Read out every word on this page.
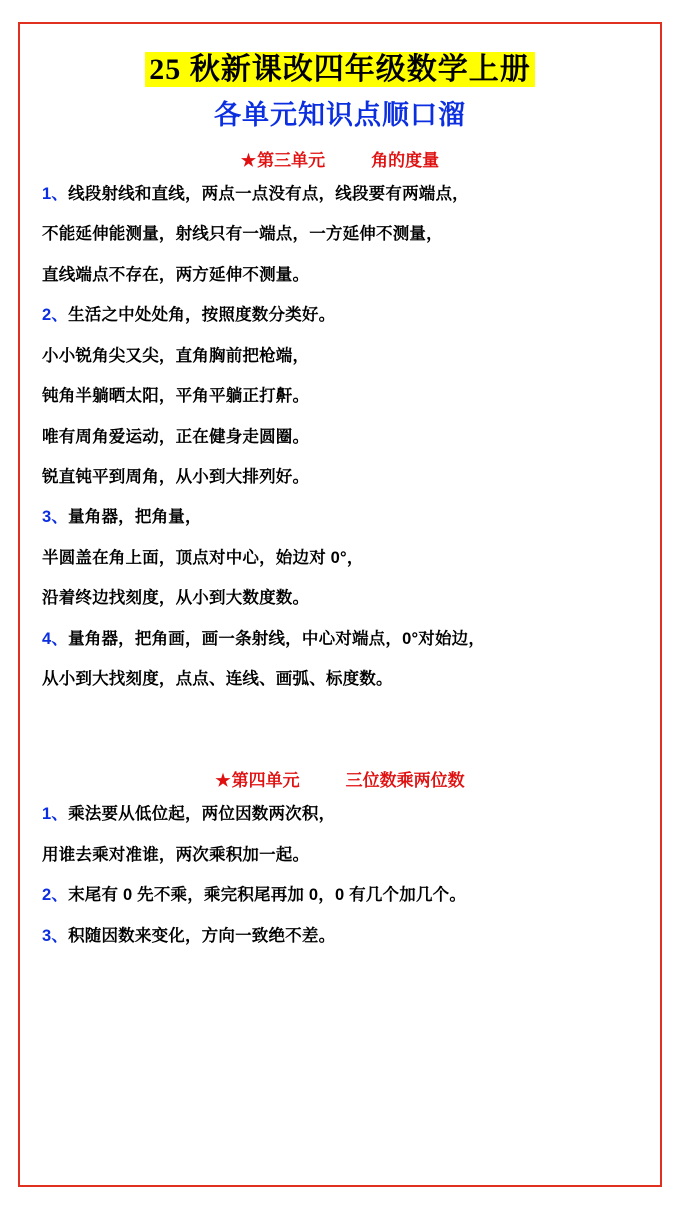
25 秋新课改四年级数学上册
各单元知识点顺口溜
★第三单元	角的度量

1、线段射线和直线，两点一点没有点，线段要有两端点，

不能延伸能测量，射线只有一端点，一方延伸不测量，

直线端点不存在，两方延伸不测量。

2、生活之中处处角，按照度数分类好。

小小锐角尖又尖，直角胸前把枪端，

钝角半躺晒太阳，平角平躺正打鼾。

唯有周角爱运动，正在健身走圆圈。

锐直钝平到周角，从小到大排列好。

3、量角器，把角量，

半圆盖在角上面，顶点对中心，始边对 0°，

沿着终边找刻度，从小到大数度数。

4、量角器，把角画，画一条射线，中心对端点，0°对始边，

从小到大找刻度，点点、连线、画弧、标度数。

★第四单元	三位数乘两位数

1、乘法要从低位起，两位因数两次积，

用谁去乘对准谁，两次乘积加一起。

2、末尾有 0 先不乘，乘完积尾再加 0，0 有几个加几个。

3、积随因数来变化，方向一致绝不差。
